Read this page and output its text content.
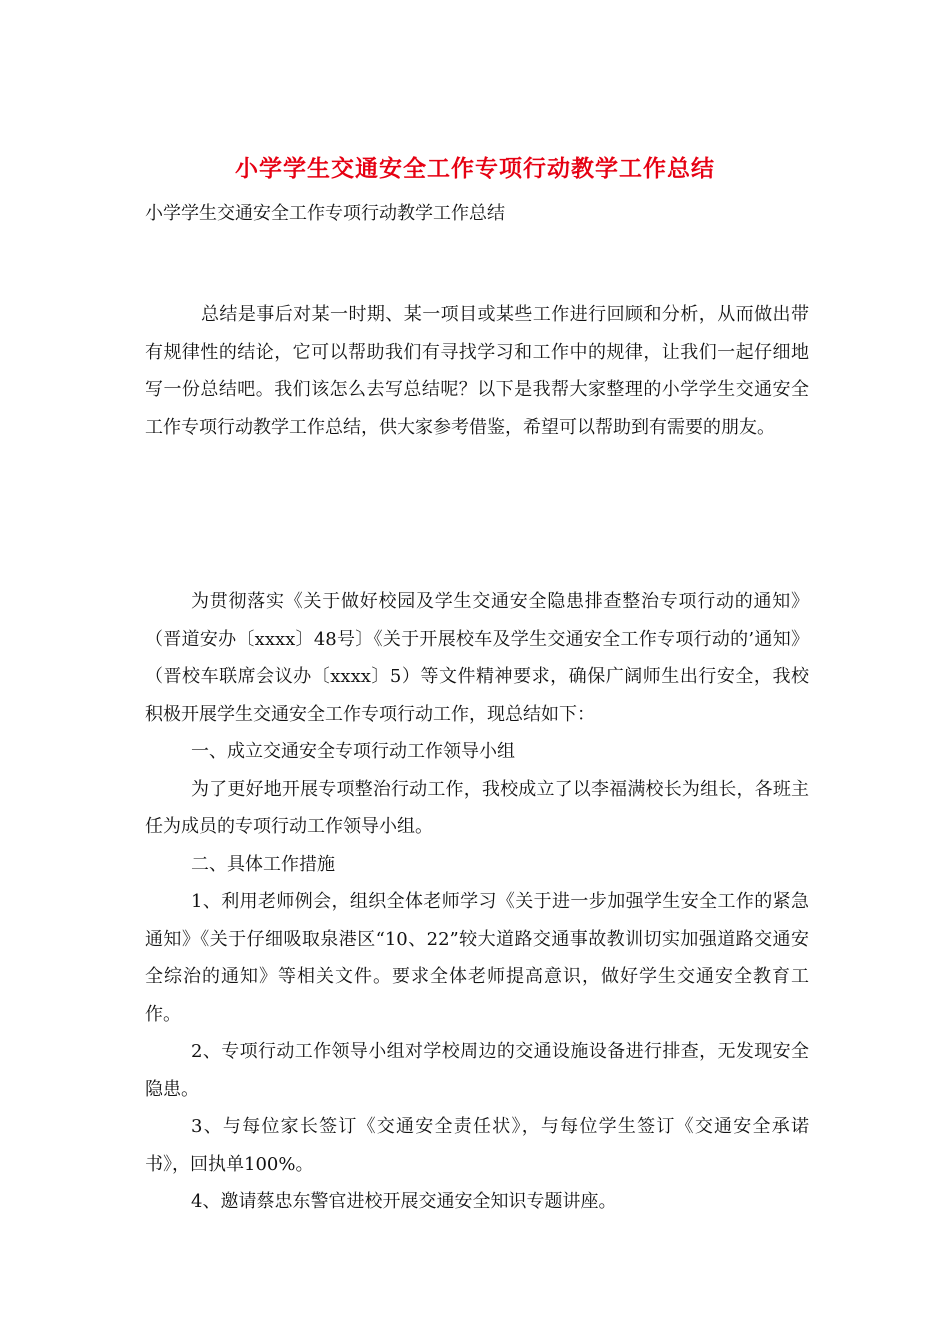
小学学生交通安全工作专项行动教学工作总结
小学学生交通安全工作专项行动教学工作总结

总结是事后对某一时期、某一项目或某些工作进行回顾和分析，从而做出带有规律性的结论，它可以帮助我们有寻找学习和工作中的规律，让我们一起仔细地写一份总结吧。我们该怎么去写总结呢？以下是我帮大家整理的小学学生交通安全工作专项行动教学工作总结，供大家参考借鉴，希望可以帮助到有需要的朋友。

为贯彻落实《关于做好校园及学生交通安全隐患排查整治专项行动的通知》（晋道安办〔xxxx〕48号〕《关于开展校车及学生交通安全工作专项行动的’通知》（晋校车联席会议办〔xxxx〕5）等文件精神要求，确保广阔师生出行安全，我校积极开展学生交通安全工作专项行动工作，现总结如下：

一、成立交通安全专项行动工作领导小组

为了更好地开展专项整治行动工作，我校成立了以李福满校长为组长，各班主任为成员的专项行动工作领导小组。

二、具体工作措施

1、利用老师例会，组织全体老师学习《关于进一步加强学生安全工作的紧急通知》《关于仔细吸取泉港区“10、22”较大道路交通事故教训切实加强道路交通安全综治的通知》等相关文件。要求全体老师提高意识，做好学生交通安全教育工作。

2、专项行动工作领导小组对学校周边的交通设施设备进行排查，无发现安全隐患。

3、与每位家长签订《交通安全责任状》，与每位学生签订《交通安全承诺书》，回执单100%。

4、邀请蔡忠东警官进校开展交通安全知识专题讲座。
